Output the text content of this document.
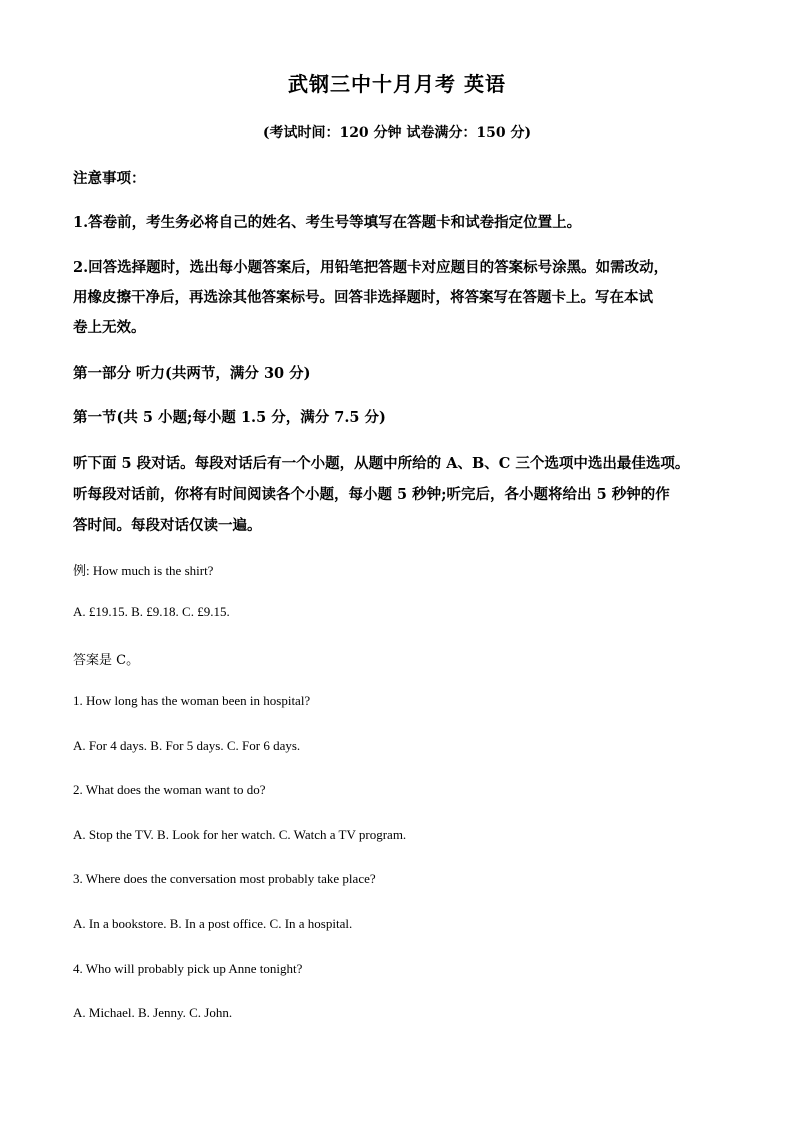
武钢三中十月月考 英语
(考试时间：120 分钟 试卷满分：150 分)
注意事项：
1.答卷前，考生务必将自己的姓名、考生号等填写在答题卡和试卷指定位置上。
2.回答选择题时，选出每小题答案后，用铅笔把答题卡对应题目的答案标号涂黑。如需改动，
用橡皮擦干净后，再选涂其他答案标号。回答非选择题时，将答案写在答题卡上。写在本试
卷上无效。
第一部分 听力(共两节，满分 30 分)
第一节(共 5 小题;每小题 1.5 分，满分 7.5 分)
听下面 5 段对话。每段对话后有一个小题，从题中所给的 A、B、C 三个选项中选出最佳选项。
听每段对话前，你将有时间阅读各个小题，每小题 5 秒钟;听完后，各小题将给出 5 秒钟的作
答时间。每段对话仅读一遍。
例: How much is the shirt?
A. £19.15. B. £9.18. C. £9.15.
答案是 C。
1. How long has the woman been in hospital?
A. For 4 days. B. For 5 days. C. For 6 days.
2. What does the woman want to do?
A. Stop the TV. B. Look for her watch. C. Watch a TV program.
3. Where does the conversation most probably take place?
A. In a bookstore. B. In a post office. C. In a hospital.
4. Who will probably pick up Anne tonight?
A. Michael. B. Jenny. C. John.
